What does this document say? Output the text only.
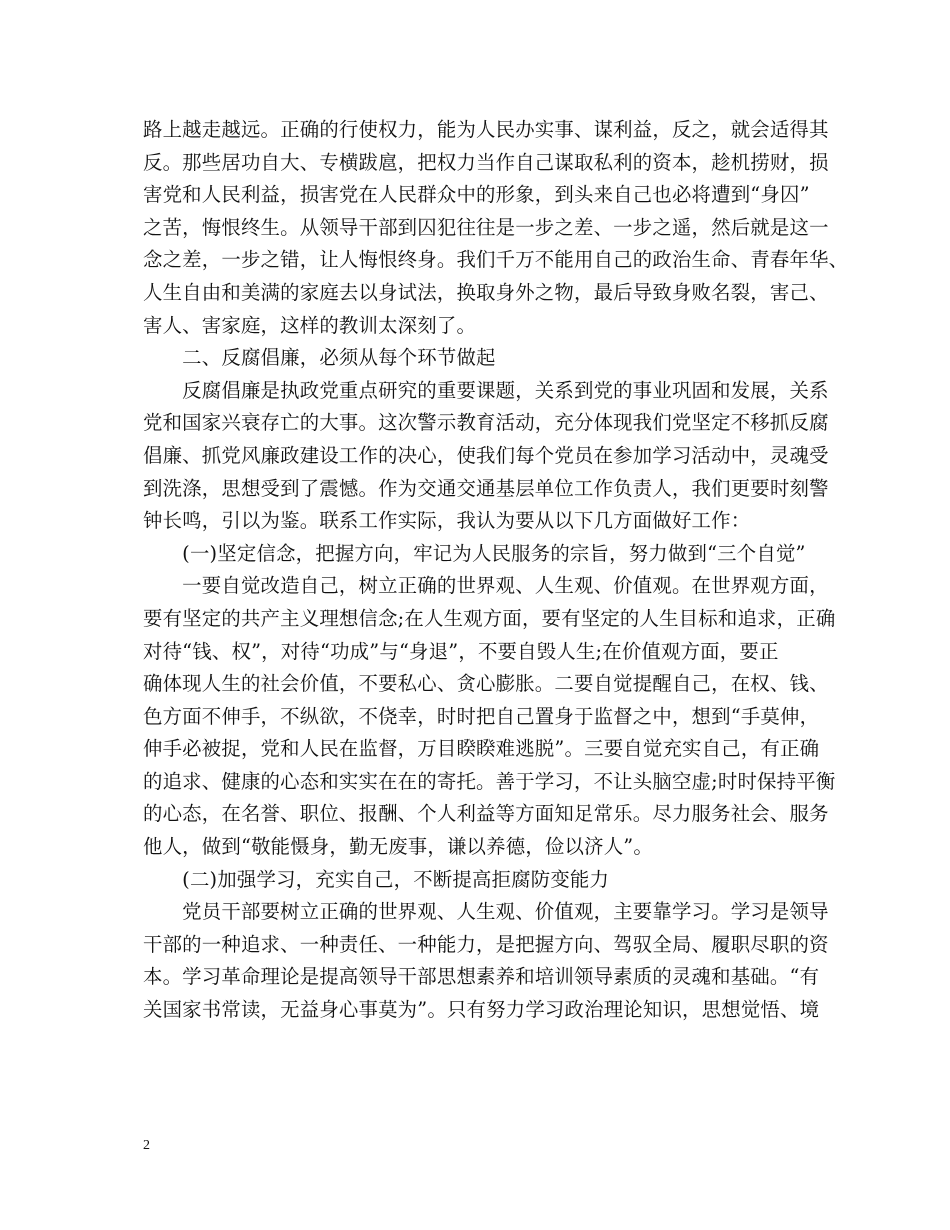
路上越走越远。正确的行使权力，能为人民办实事、谋利益，反之，就会适得其
反。那些居功自大、专横跋扈，把权力当作自己谋取私利的资本，趁机捞财，损
害党和人民利益，损害党在人民群众中的形象，到头来自己也必将遭到“身囚”
之苦，悔恨终生。从领导干部到囚犯往往是一步之差、一步之遥，然后就是这一
念之差，一步之错，让人悔恨终身。我们千万不能用自己的政治生命、青春年华、
人生自由和美满的家庭去以身试法，换取身外之物，最后导致身败名裂，害己、
害人、害家庭，这样的教训太深刻了。
　　二、反腐倡廉，必须从每个环节做起
　　反腐倡廉是执政党重点研究的重要课题，关系到党的事业巩固和发展，关系
党和国家兴衰存亡的大事。这次警示教育活动，充分体现我们党坚定不移抓反腐
倡廉、抓党风廉政建设工作的决心，使我们每个党员在参加学习活动中，灵魂受
到洗涤，思想受到了震憾。作为交通交通基层单位工作负责人，我们更要时刻警
钟长鸣，引以为鉴。联系工作实际，我认为要从以下几方面做好工作：
　　(一)坚定信念，把握方向，牢记为人民服务的宗旨，努力做到“三个自觉”
　　一要自觉改造自己，树立正确的世界观、人生观、价值观。在世界观方面，
要有坚定的共产主义理想信念;在人生观方面，要有坚定的人生目标和追求，正确
对待“钱、权”，对待“功成”与“身退”，不要自毁人生;在价值观方面，要正
确体现人生的社会价值，不要私心、贪心膨胀。二要自觉提醒自己，在权、钱、
色方面不伸手，不纵欲，不侥幸，时时把自己置身于监督之中，想到“手莫伸，
伸手必被捉，党和人民在监督，万目睽睽难逃脱”。三要自觉充实自己，有正确
的追求、健康的心态和实实在在的寄托。善于学习，不让头脑空虚;时时保持平衡
的心态，在名誉、职位、报酬、个人利益等方面知足常乐。尽力服务社会、服务
他人，做到“敬能慑身，勤无废事，谦以养德，俭以济人”。
　　(二)加强学习，充实自己，不断提高拒腐防变能力
　　党员干部要树立正确的世界观、人生观、价值观，主要靠学习。学习是领导
干部的一种追求、一种责任、一种能力，是把握方向、驾驭全局、履职尽职的资
本。学习革命理论是提高领导干部思想素养和培训领导素质的灵魂和基础。“有
关国家书常读，无益身心事莫为”。只有努力学习政治理论知识，思想觉悟、境
2
